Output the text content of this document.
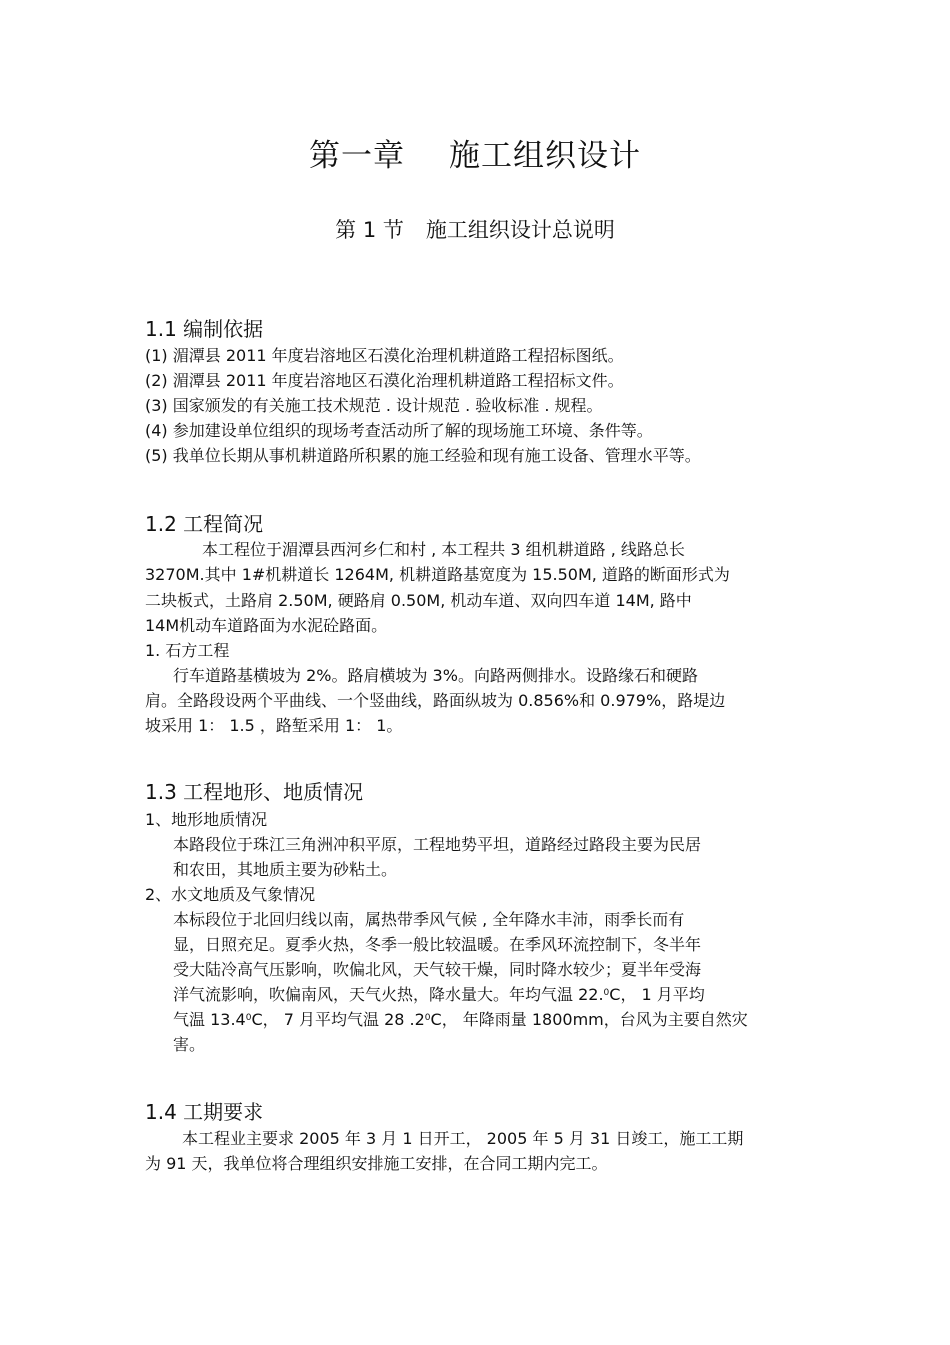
第一章 施工组织设计
第 1 节 施工组织设计总说明
1.1 编制依据
(1) 湄潭县 2011 年度岩溶地区石漠化治理机耕道路工程招标图纸。
(2) 湄潭县 2011 年度岩溶地区石漠化治理机耕道路工程招标文件。
(3) 国家颁发的有关施工技术规范 . 设计规范 . 验收标准 . 规程。
(4) 参加建设单位组织的现场考查活动所了解的现场施工环境、条件等。
(5) 我单位长期从事机耕道路所积累的施工经验和现有施工设备、管理水平等。
1.2 工程简况
本工程位于湄潭县西河乡仁和村 , 本工程共 3 组机耕道路 , 线路总长
3270M.其中 1#机耕道长 1264M, 机耕道路基宽度为 15.50M, 道路的断面形式为
二块板式，土路肩 2.50M, 硬路肩 0.50M, 机动车道、双向四车道 14M, 路中
14M机动车道路面为水泥砼路面。
1. 石方工程
行车道路基横坡为 2%。路肩横坡为 3%。向路两侧排水。设路缘石和硬路
肩。全路段设两个平曲线、一个竖曲线，路面纵坡为 0.856%和 0.979%，路堤边
坡采用 1： 1.5 ，路堑采用 1： 1。
1.3 工程地形、地质情况
1、地形地质情况
本路段位于珠江三角洲冲积平原，工程地势平坦，道路经过路段主要为民居
和农田，其地质主要为砂粘土。
2、水文地质及气象情况
本标段位于北回归线以南，属热带季风气候 , 全年降水丰沛，雨季长而有
显，日照充足。夏季火热，冬季一般比较温暖。在季风环流控制下，冬半年
受大陆冷高气压影响，吹偏北风，天气较干燥，同时降水较少；夏半年受海
洋气流影响，吹偏南风，天气火热，降水量大。年均气温 22.$^0$C， 1 月平均
气温 13.4$^0$C， 7 月平均气温 28 $.2^0C$， 年降雨量 1800mm，台风为主要自然灾
害。
1.4 工期要求
本工程业主要求 2005 年 3 月 1 日开工， 2005 年 5 月 31 日竣工，施工工期
为 91 天，我单位将合理组织安排施工安排，在合同工期内完工。
